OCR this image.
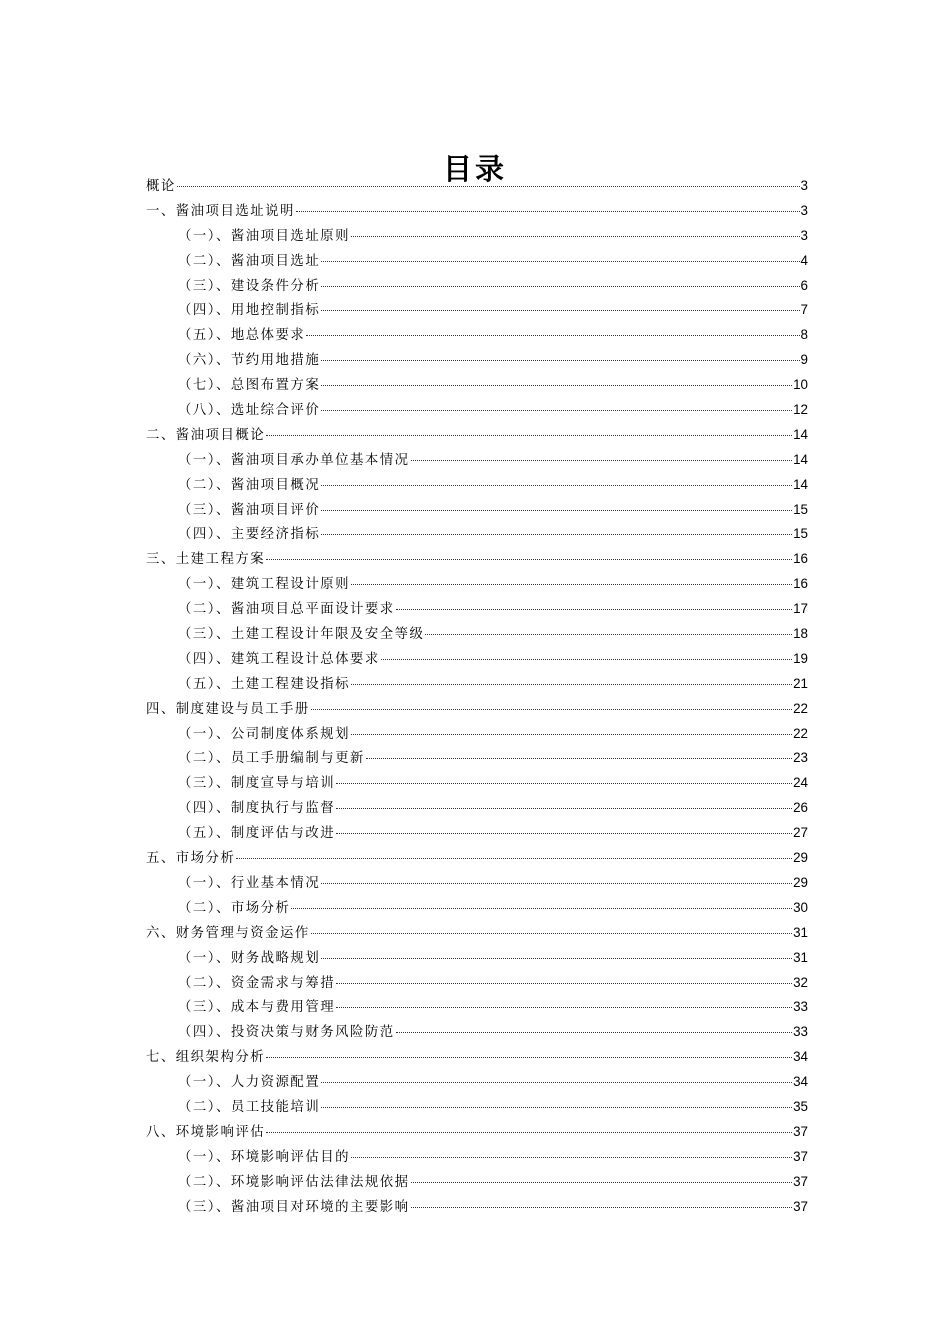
目录
概论	3
一、酱油项目选址说明	3
（一）、酱油项目选址原则	3
（二）、酱油项目选址	4
（三）、建设条件分析	6
（四）、用地控制指标	7
（五）、地总体要求	8
（六）、节约用地措施	9
（七）、总图布置方案	10
（八）、选址综合评价	12
二、酱油项目概论	14
（一）、酱油项目承办单位基本情况	14
（二）、酱油项目概况	14
（三）、酱油项目评价	15
（四）、主要经济指标	15
三、土建工程方案	16
（一）、建筑工程设计原则	16
（二）、酱油项目总平面设计要求	17
（三）、土建工程设计年限及安全等级	18
（四）、建筑工程设计总体要求	19
（五）、土建工程建设指标	21
四、制度建设与员工手册	22
（一）、公司制度体系规划	22
（二）、员工手册编制与更新	23
（三）、制度宣导与培训	24
（四）、制度执行与监督	26
（五）、制度评估与改进	27
五、市场分析	29
（一）、行业基本情况	29
（二）、市场分析	30
六、财务管理与资金运作	31
（一）、财务战略规划	31
（二）、资金需求与筹措	32
（三）、成本与费用管理	33
（四）、投资决策与财务风险防范	33
七、组织架构分析	34
（一）、人力资源配置	34
（二）、员工技能培训	35
八、环境影响评估	37
（一）、环境影响评估目的	37
（二）、环境影响评估法律法规依据	37
（三）、酱油项目对环境的主要影响	37
